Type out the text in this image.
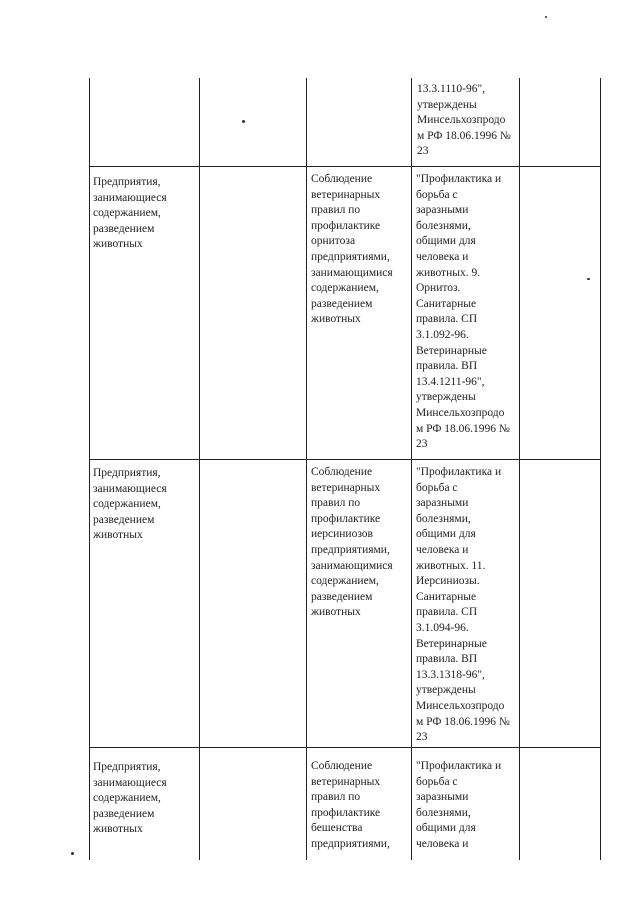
13.3.1110-96",
утверждены
Минсельхозпродо
м РФ 18.06.1996 №
23
Предприятия,
занимающиеся
содержанием,
разведением
животных
Соблюдение
ветеринарных
правил по
профилактике
орнитоза
предприятиями,
занимающимися
содержанием,
разведением
животных
"Профилактика и
борьба с
заразными
болезнями,
общими для
человека и
животных. 9.
Орнитоз.
Санитарные
правила. СП
3.1.092-96.
Ветеринарные
правила. ВП
13.4.1211-96",
утверждены
Минсельхозпродо
м РФ 18.06.1996 №
23
Предприятия,
занимающиеся
содержанием,
разведением
животных
Соблюдение
ветеринарных
правил по
профилактике
иерсиниозов
предприятиями,
занимающимися
содержанием,
разведением
животных
"Профилактика и
борьба с
заразными
болезнями,
общими для
человека и
животных. 11.
Иерсиниозы.
Санитарные
правила. СП
3.1.094-96.
Ветеринарные
правила. ВП
13.3.1318-96",
утверждены
Минсельхозпродо
м РФ 18.06.1996 №
23
Предприятия,
занимающиеся
содержанием,
разведением
животных
Соблюдение
ветеринарных
правил по
профилактике
бешенства
предприятиями,
"Профилактика и
борьба с
заразными
болезнями,
общими для
человека и
